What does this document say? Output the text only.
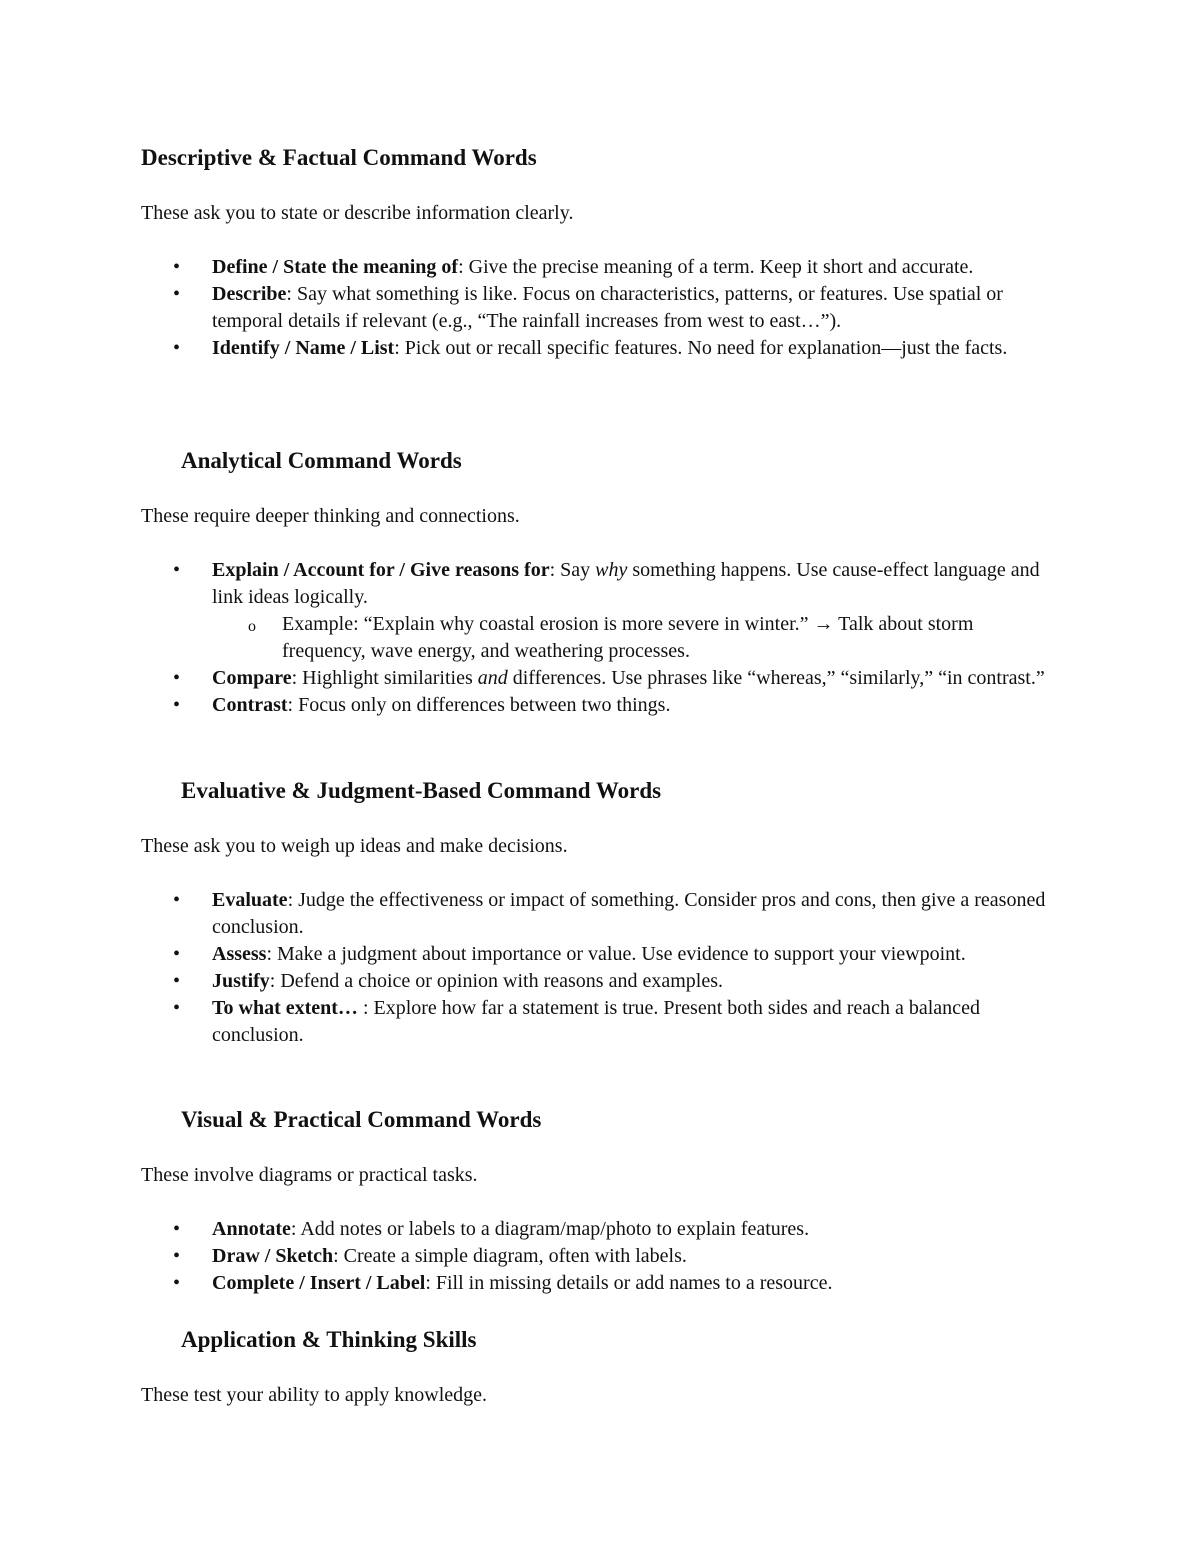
Descriptive & Factual Command Words

These ask you to state or describe information clearly.

• Define / State the meaning of: Give the precise meaning of a term. Keep it short and accurate.
• Describe: Say what something is like. Focus on characteristics, patterns, or features. Use spatial or temporal details if relevant (e.g., “The rainfall increases from west to east…”).
• Identify / Name / List: Pick out or recall specific features. No need for explanation—just the facts.
Analytical Command Words

These require deeper thinking and connections.

• Explain / Account for / Give reasons for: Say why something happens. Use cause-effect language and link ideas logically.
o Example: “Explain why coastal erosion is more severe in winter.” → Talk about storm frequency, wave energy, and weathering processes.
• Compare: Highlight similarities and differences. Use phrases like “whereas,” “similarly,” “in contrast.”
• Contrast: Focus only on differences between two things.
Evaluative & Judgment-Based Command Words

These ask you to weigh up ideas and make decisions.

• Evaluate: Judge the effectiveness or impact of something. Consider pros and cons, then give a reasoned conclusion.
• Assess: Make a judgment about importance or value. Use evidence to support your viewpoint.
• Justify: Defend a choice or opinion with reasons and examples.
• To what extent… : Explore how far a statement is true. Present both sides and reach a balanced conclusion.
Visual & Practical Command Words

These involve diagrams or practical tasks.

• Annotate: Add notes or labels to a diagram/map/photo to explain features.
• Draw / Sketch: Create a simple diagram, often with labels.
• Complete / Insert / Label: Fill in missing details or add names to a resource.
Application & Thinking Skills

These test your ability to apply knowledge.
